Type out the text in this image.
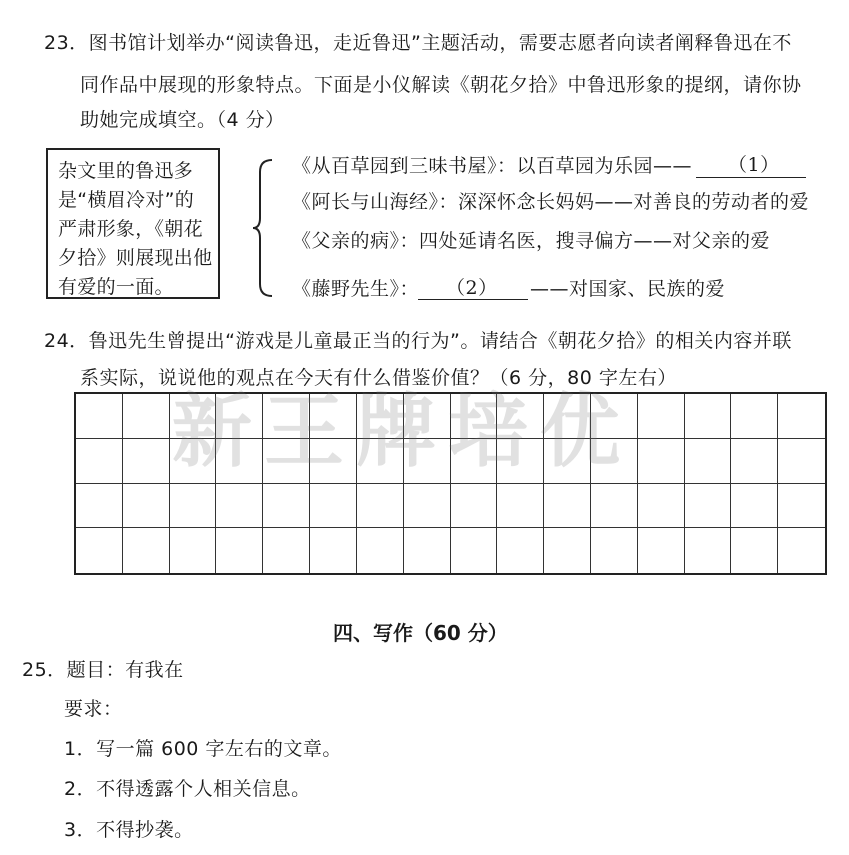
23．图书馆计划举办“阅读鲁迅，走近鲁迅”主题活动，需要志愿者向读者阐释鲁迅在不
同作品中展现的形象特点。下面是小仪解读《朝花夕拾》中鲁迅形象的提纲，请你协
助她完成填空。（4 分）
杂文里的鲁迅多
是“横眉冷对”的
严肃形象，《朝花
夕拾》则展现出他
有爱的一面。
《从百草园到三味书屋》：以百草园为乐园—— （1）
《阿长与山海经》：深深怀念长妈妈——对善良的劳动者的爱
《父亲的病》：四处延请名医，搜寻偏方——对父亲的爱
《藤野先生》： （2） ——对国家、民族的爱
24．鲁迅先生曾提出“游戏是儿童最正当的行为”。请结合《朝花夕拾》的相关内容并联
系实际，说说他的观点在今天有什么借鉴价值？（6 分，80 字左右）
新王牌培优
四、写作（60 分）
25．题目：有我在
要求：
1．写一篇 600 字左右的文章。
2．不得透露个人相关信息。
3．不得抄袭。
